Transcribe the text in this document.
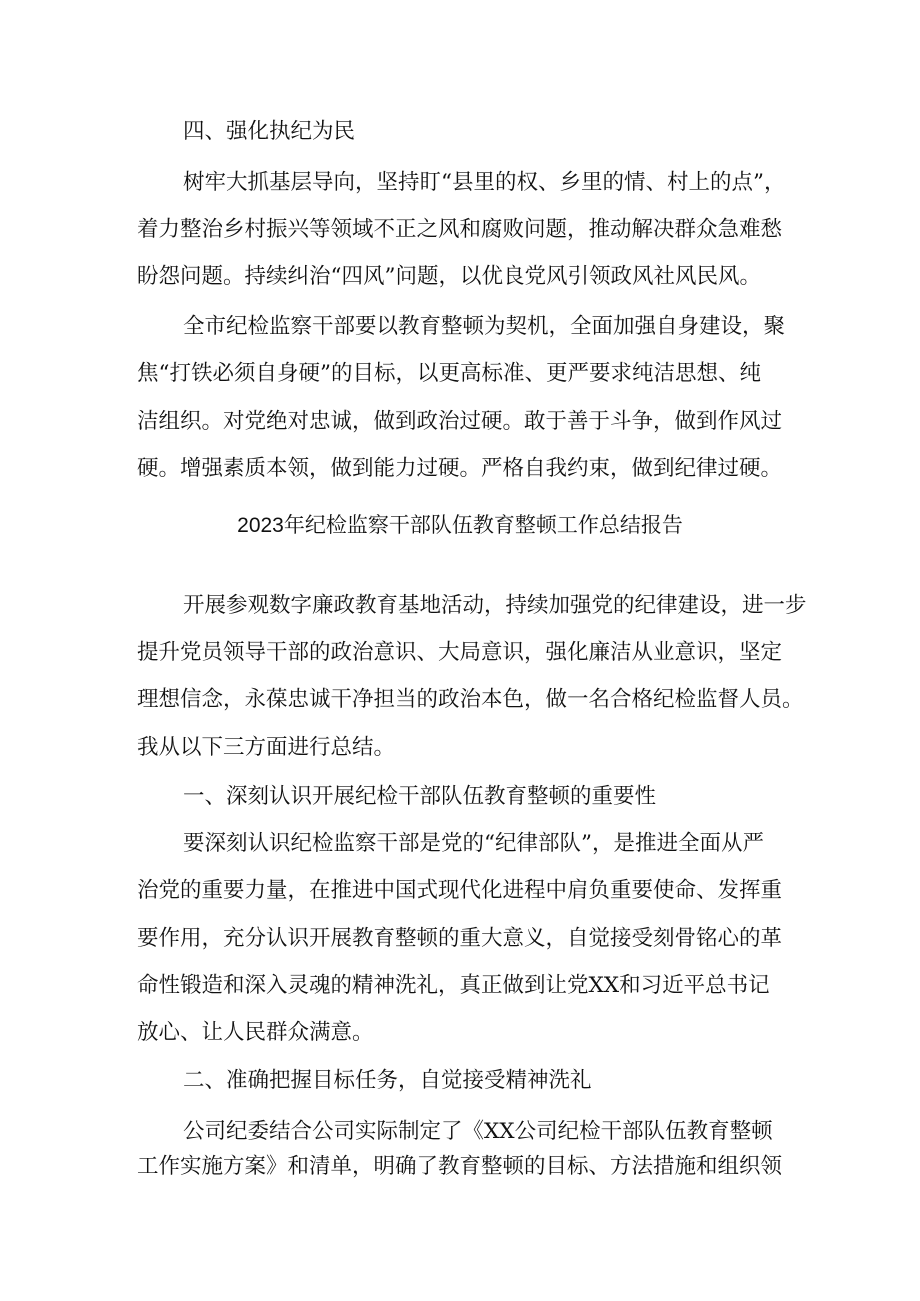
四、强化执纪为民
树牢大抓基层导向，坚持盯“县里的权、乡里的情、村上的点”，
着力整治乡村振兴等领域不正之风和腐败问题，推动解决群众急难愁
盼怨问题。持续纠治“四风”问题，以优良党风引领政风社风民风。
全市纪检监察干部要以教育整顿为契机，全面加强自身建设，聚
焦“打铁必须自身硬”的目标，以更高标准、更严要求纯洁思想、纯
洁组织。对党绝对忠诚，做到政治过硬。敢于善于斗争，做到作风过
硬。增强素质本领，做到能力过硬。严格自我约束，做到纪律过硬。
2023年纪检监察干部队伍教育整顿工作总结报告
开展参观数字廉政教育基地活动，持续加强党的纪律建设，进一步
提升党员领导干部的政治意识、大局意识，强化廉洁从业意识，坚定
理想信念，永葆忠诚干净担当的政治本色，做一名合格纪检监督人员。
我从以下三方面进行总结。
一、深刻认识开展纪检干部队伍教育整顿的重要性
要深刻认识纪检监察干部是党的“纪律部队”，是推进全面从严
治党的重要力量，在推进中国式现代化进程中肩负重要使命、发挥重
要作用，充分认识开展教育整顿的重大意义，自觉接受刻骨铭心的革
命性锻造和深入灵魂的精神洗礼，真正做到让党XX和习近平总书记
放心、让人民群众满意。
二、准确把握目标任务，自觉接受精神洗礼
公司纪委结合公司实际制定了《XX公司纪检干部队伍教育整顿
工作实施方案》和清单，明确了教育整顿的目标、方法措施和组织领
